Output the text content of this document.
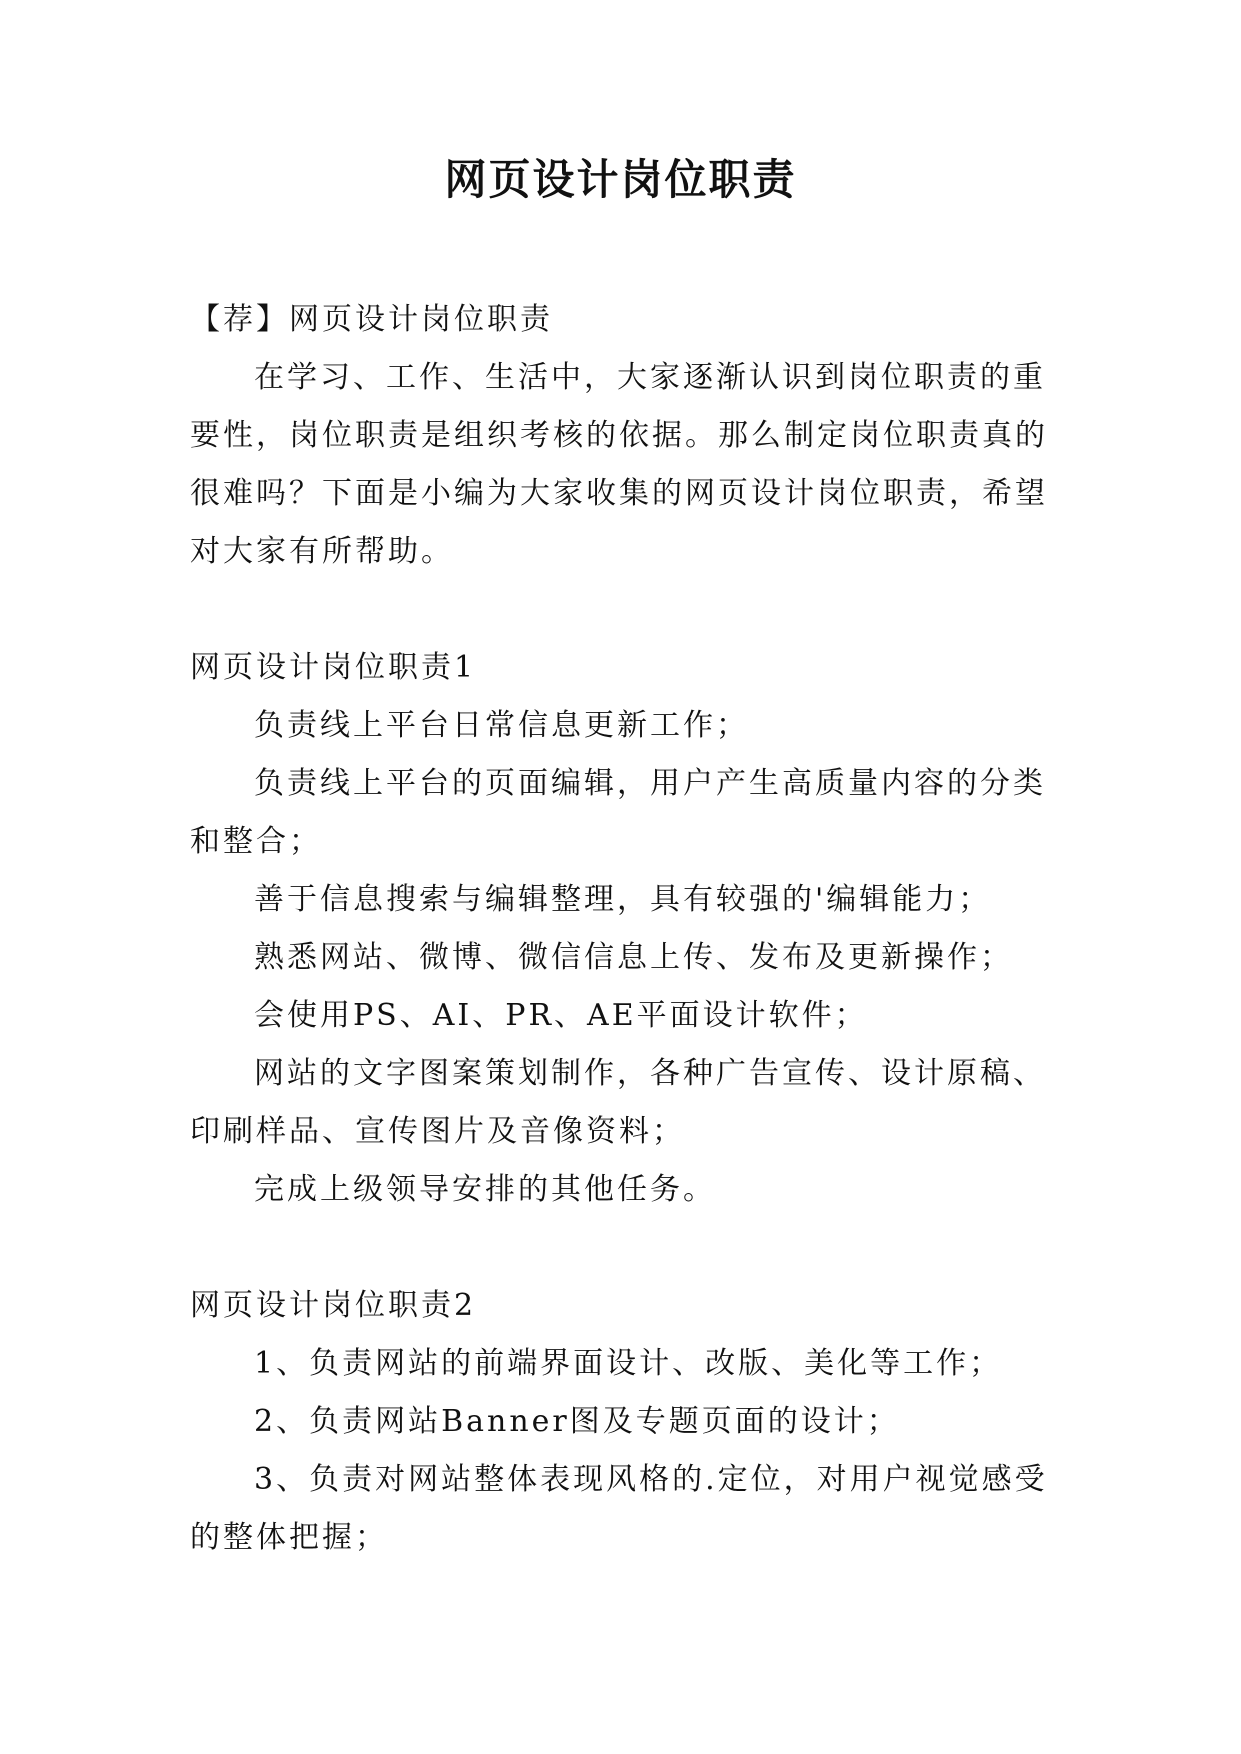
网页设计岗位职责

【荐】网页设计岗位职责

在学习、工作、生活中，大家逐渐认识到岗位职责的重要性，岗位职责是组织考核的依据。那么制定岗位职责真的很难吗？下面是小编为大家收集的网页设计岗位职责，希望对大家有所帮助。

网页设计岗位职责1

负责线上平台日常信息更新工作；

负责线上平台的页面编辑，用户产生高质量内容的分类和整合；

善于信息搜索与编辑整理，具有较强的'编辑能力；

熟悉网站、微博、微信信息上传、发布及更新操作；

会使用PS、AI、PR、AE平面设计软件；

网站的文字图案策划制作，各种广告宣传、设计原稿、印刷样品、宣传图片及音像资料；

完成上级领导安排的其他任务。

网页设计岗位职责2

1、负责网站的前端界面设计、改版、美化等工作；

2、负责网站Banner图及专题页面的设计；

3、负责对网站整体表现风格的.定位，对用户视觉感受的整体把握；
